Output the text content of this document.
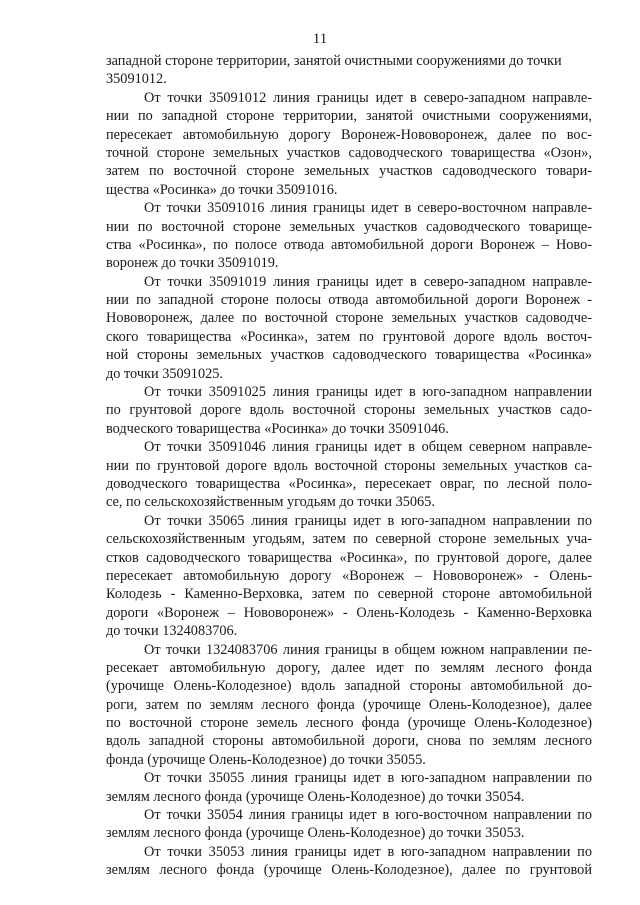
11
западной стороне территории, занятой очистными сооружениями до точки
35091012.
От точки 35091012 линия границы идет в северо-западном направле-
нии по западной стороне территории, занятой очистными сооружениями,
пересекает автомобильную дорогу Воронеж-Нововоронеж, далее по вос-
точной стороне земельных участков садоводческого товарищества «Озон»,
затем по восточной стороне земельных участков садоводческого товари-
щества «Росинка» до точки 35091016.
От точки 35091016 линия границы идет в северо-восточном направле-
нии по восточной стороне земельных участков садоводческого товарище-
ства «Росинка», по полосе отвода автомобильной дороги Воронеж – Ново-
воронеж до точки 35091019.
От точки 35091019 линия границы идет в северо-западном направле-
нии по западной стороне полосы отвода автомобильной дороги Воронеж -
Нововоронеж, далее по восточной стороне земельных участков садоводче-
ского товарищества «Росинка», затем по грунтовой дороге вдоль восточ-
ной стороны земельных участков садоводческого товарищества «Росинка»
до точки 35091025.
От точки 35091025 линия границы идет в юго-западном направлении
по грунтовой дороге вдоль восточной стороны земельных участков садо-
водческого товарищества «Росинка» до точки 35091046.
От точки 35091046 линия границы идет в общем северном направле-
нии по грунтовой дороге вдоль восточной стороны земельных участков са-
доводческого товарищества «Росинка», пересекает овраг, по лесной поло-
се, по сельскохозяйственным угодьям до точки 35065.
От точки 35065 линия границы идет в юго-западном направлении по
сельскохозяйственным угодьям, затем по северной стороне земельных уча-
стков садоводческого товарищества «Росинка», по грунтовой дороге, далее
пересекает автомобильную дорогу «Воронеж – Нововоронеж» - Олень-
Колодезь - Каменно-Верховка, затем по северной стороне автомобильной
дороги «Воронеж – Нововоронеж» - Олень-Колодезь - Каменно-Верховка
до точки 1324083706.
От точки 1324083706 линия границы в общем южном направлении пе-
ресекает автомобильную дорогу, далее идет по землям лесного фонда
(урочище Олень-Колодезное) вдоль западной стороны автомобильной до-
роги, затем по землям лесного фонда (урочище Олень-Колодезное), далее
по восточной стороне земель лесного фонда (урочище Олень-Колодезное)
вдоль западной стороны автомобильной дороги, снова по землям лесного
фонда (урочище Олень-Колодезное) до точки 35055.
От точки 35055 линия границы идет в юго-западном направлении по
землям лесного фонда (урочище Олень-Колодезное) до точки 35054.
От точки 35054 линия границы идет в юго-восточном направлении по
землям лесного фонда (урочище Олень-Колодезное) до точки 35053.
От точки 35053 линия границы идет в юго-западном направлении по
землям лесного фонда (урочище Олень-Колодезное), далее по грунтовой
